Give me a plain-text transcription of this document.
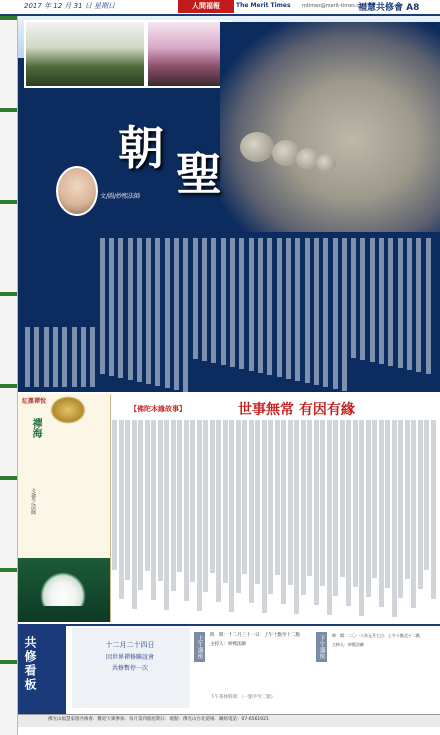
2017 年 12 月 31 日 星期日	人間福報	The Merit Times mtimes@merit-times.com.tw
福慧共修會 A8

朝 聖
文/圖/妙熙法師
紅塵禪悅
禪海
文/覺之法師
【佛陀本緣故事】	世事無常 有因有緣
共修看板	十二月二十四日
因世界禪修聯誼會
共修暫停一次
上午講座	時　間：十二月三十一日．上午十點至十二點
主持人：妙熙法師	下午講座	時　間：二〇一八年元月七日．上午十點至十二點
主持人：妙熙法師
下午茶休時間：（一點半至二點）
佛光山福慧家園共修會．歡迎大眾參加．每月第四個星期日．地點：佛光山台北道場．聯絡電話：07-6561921
